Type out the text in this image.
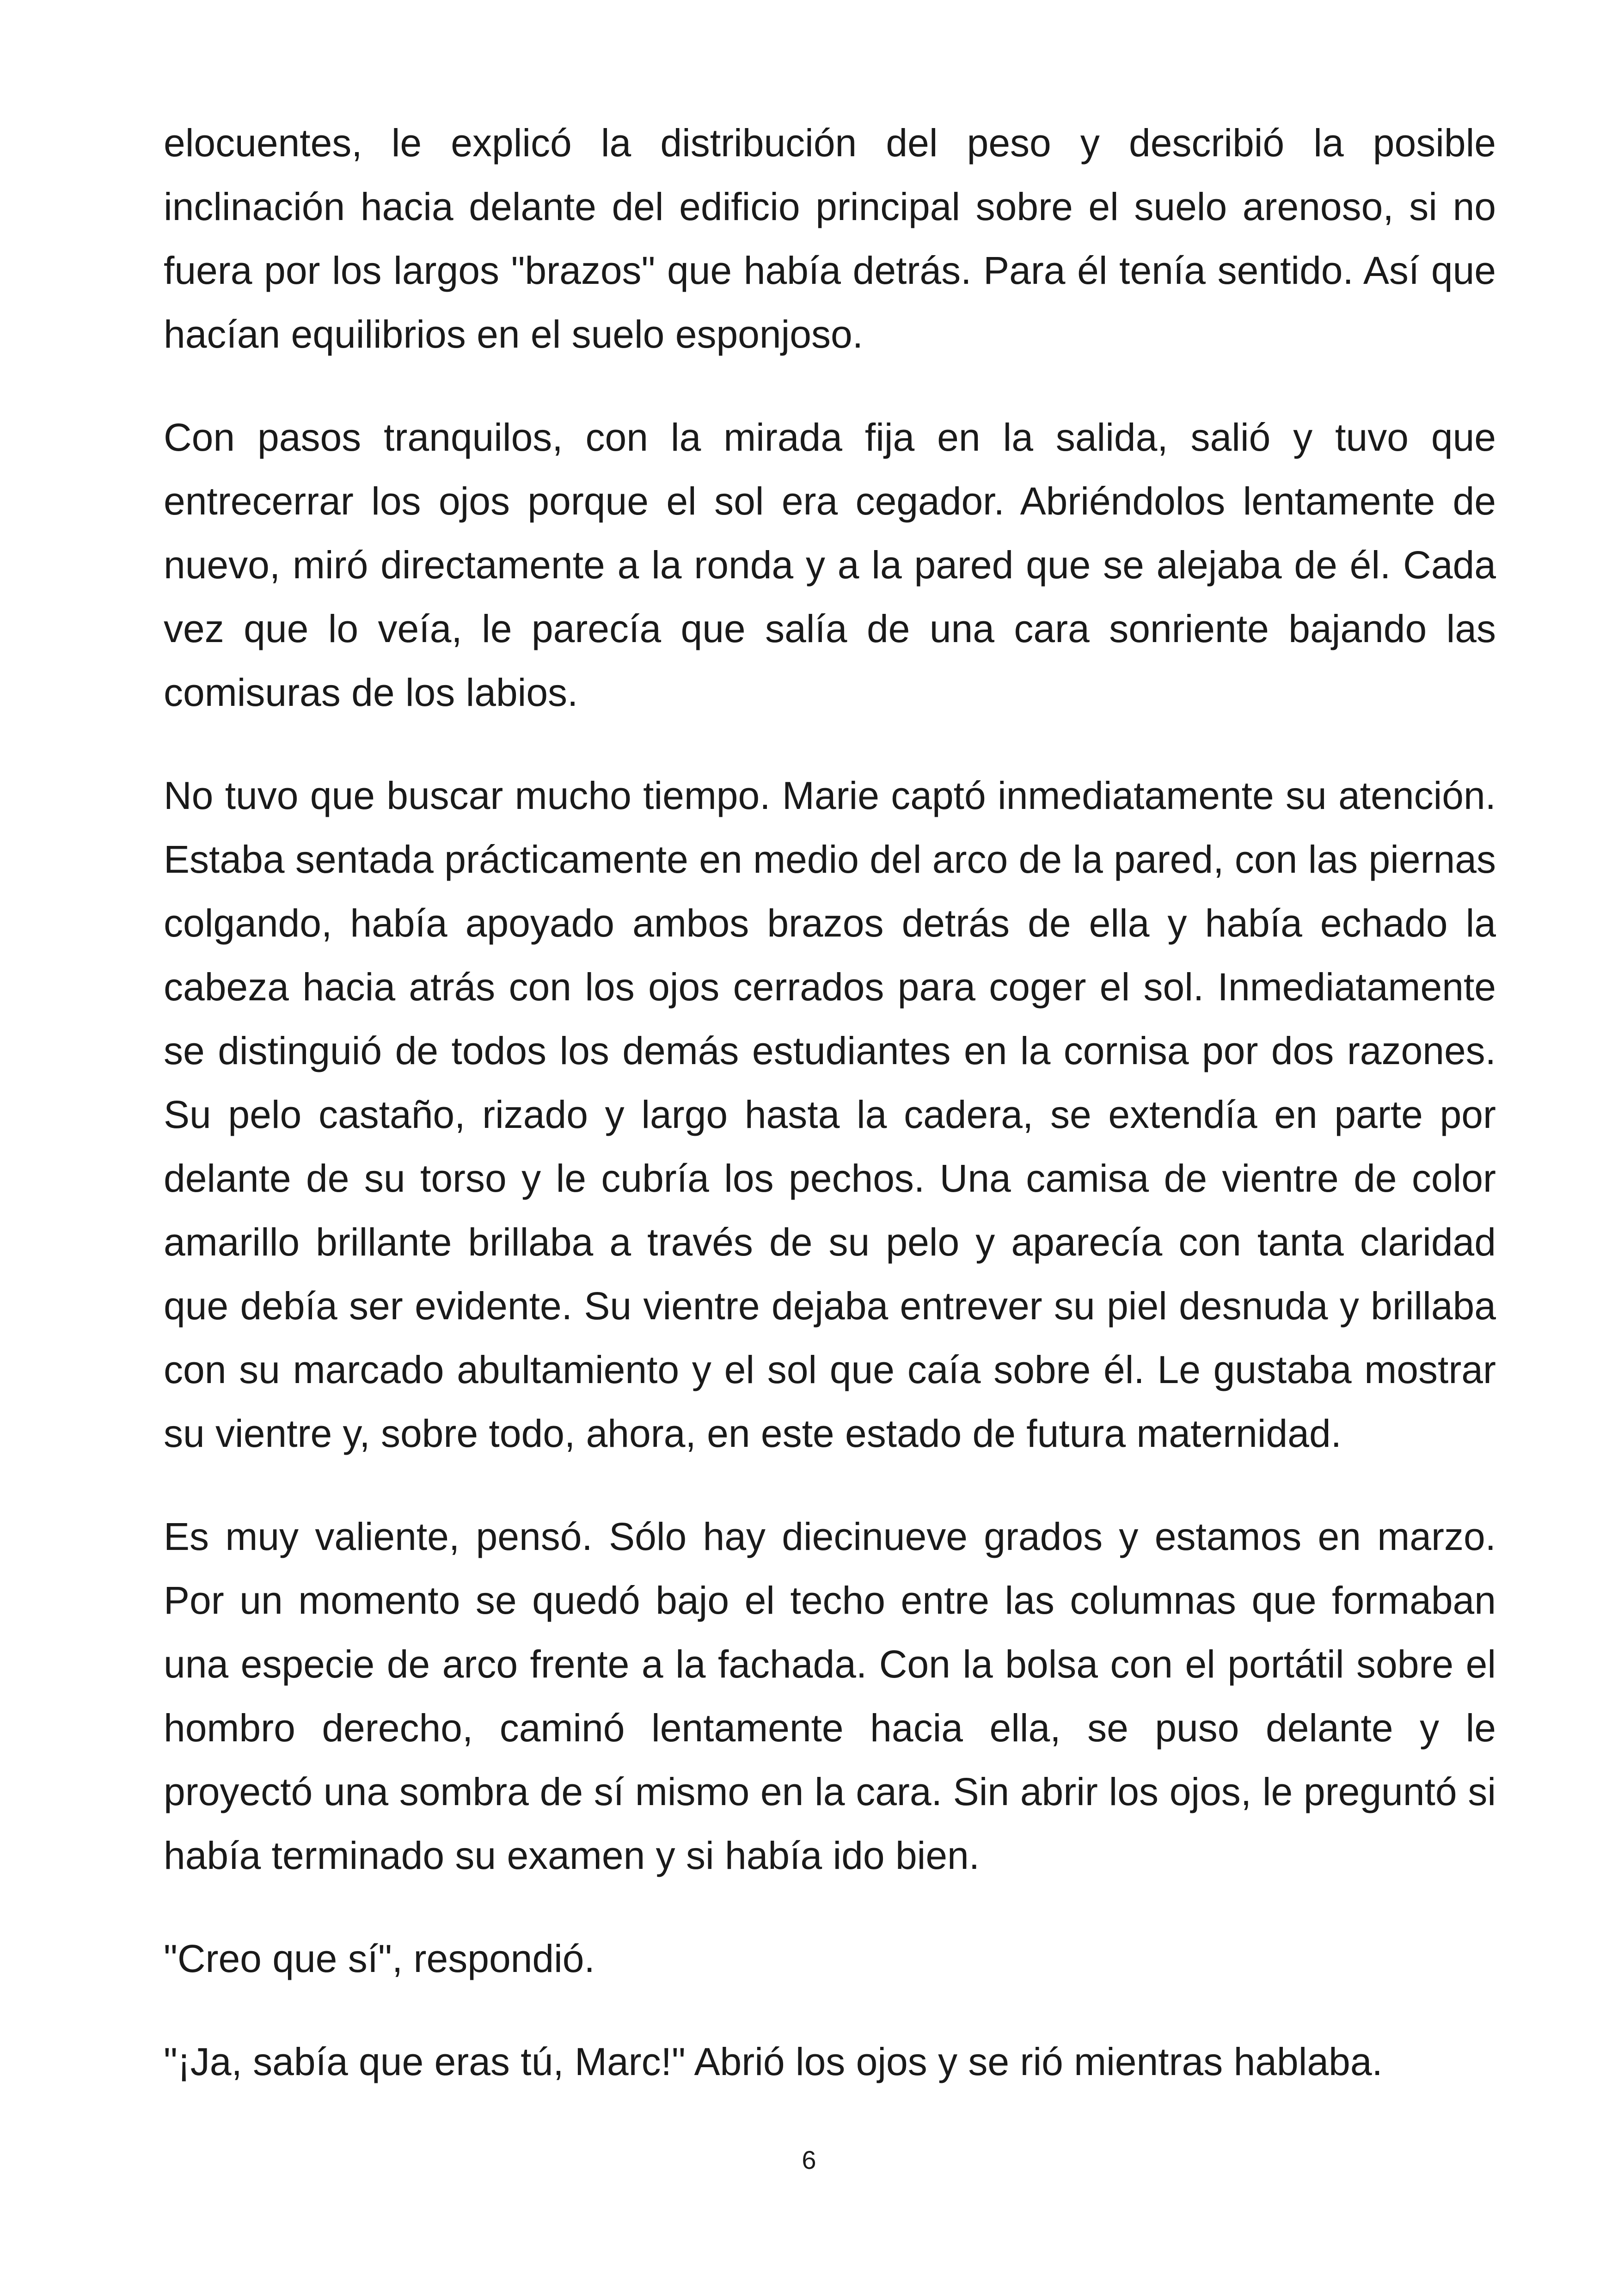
elocuentes, le explicó la distribución del peso y describió la posible inclinación hacia delante del edificio principal sobre el suelo arenoso, si no fuera por los largos "brazos" que había detrás. Para él tenía sentido. Así que hacían equilibrios en el suelo esponjoso.

Con pasos tranquilos, con la mirada fija en la salida, salió y tuvo que entrecerrar los ojos porque el sol era cegador. Abriéndolos lentamente de nuevo, miró directamente a la ronda y a la pared que se alejaba de él. Cada vez que lo veía, le parecía que salía de una cara sonriente bajando las comisuras de los labios.

No tuvo que buscar mucho tiempo. Marie captó inmediatamente su atención. Estaba sentada prácticamente en medio del arco de la pared, con las piernas colgando, había apoyado ambos brazos detrás de ella y había echado la cabeza hacia atrás con los ojos cerrados para coger el sol. Inmediatamente se distinguió de todos los demás estudiantes en la cornisa por dos razones. Su pelo castaño, rizado y largo hasta la cadera, se extendía en parte por delante de su torso y le cubría los pechos. Una camisa de vientre de color amarillo brillante brillaba a través de su pelo y aparecía con tanta claridad que debía ser evidente. Su vientre dejaba entrever su piel desnuda y brillaba con su marcado abultamiento y el sol que caía sobre él. Le gustaba mostrar su vientre y, sobre todo, ahora, en este estado de futura maternidad.

Es muy valiente, pensó. Sólo hay diecinueve grados y estamos en marzo. Por un momento se quedó bajo el techo entre las columnas que formaban una especie de arco frente a la fachada. Con la bolsa con el portátil sobre el hombro derecho, caminó lentamente hacia ella, se puso delante y le proyectó una sombra de sí mismo en la cara. Sin abrir los ojos, le preguntó si había terminado su examen y si había ido bien.

"Creo que sí", respondió.

"¡Ja, sabía que eras tú, Marc!" Abrió los ojos y se rió mientras hablaba.

6
